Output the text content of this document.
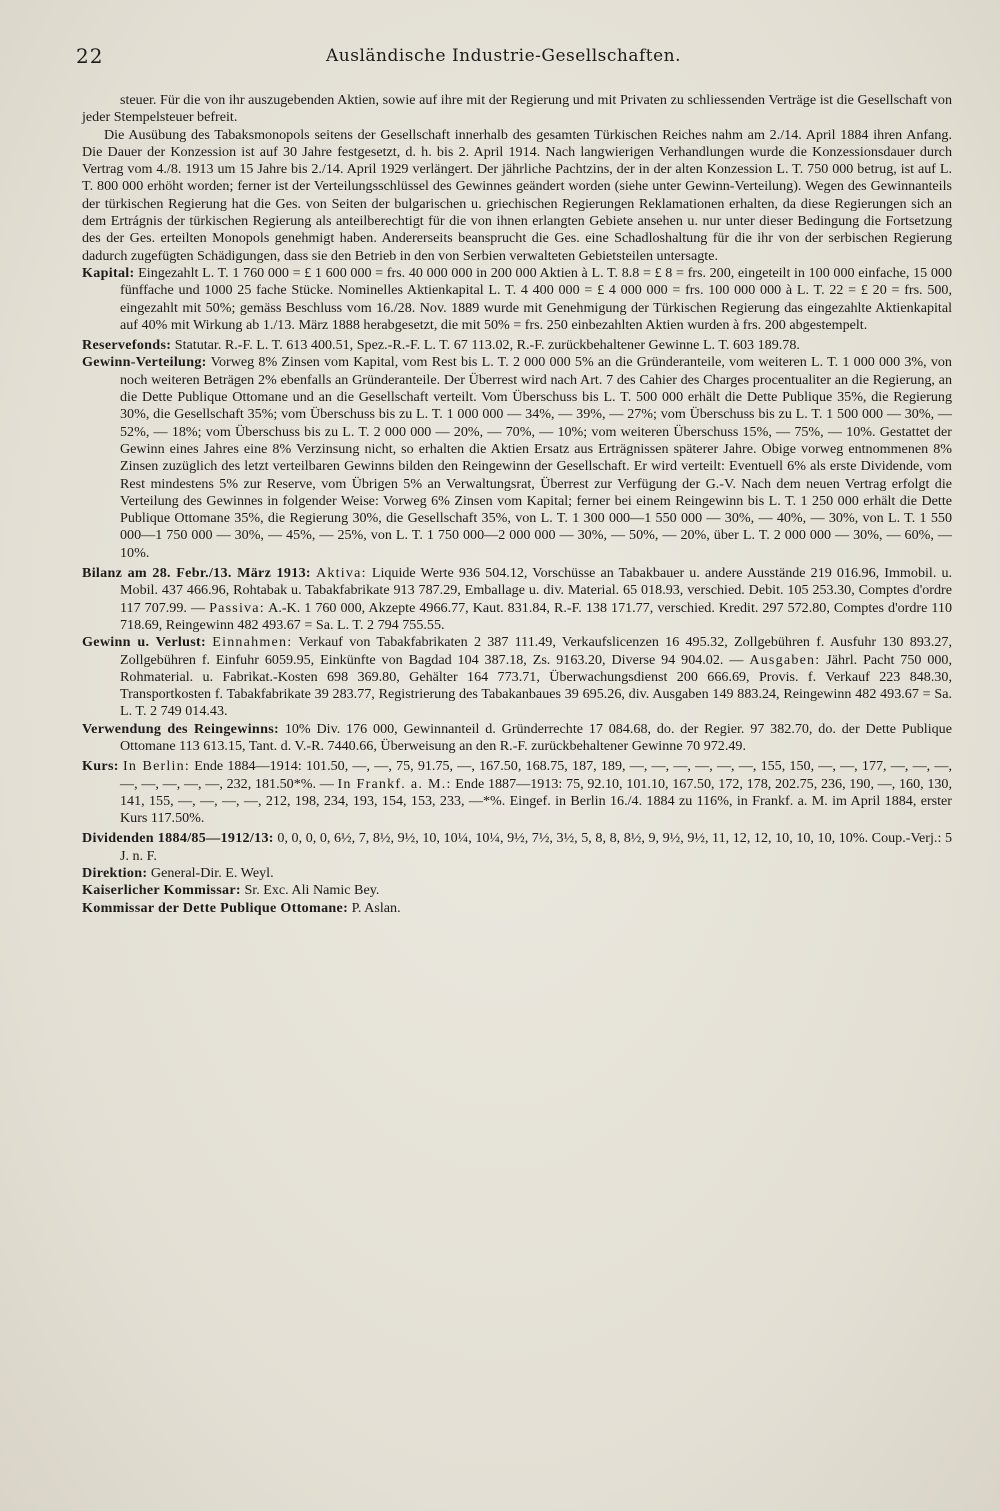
22	Ausländische Industrie-Gesellschaften.

steuer. Für die von ihr auszugebenden Aktien, sowie auf ihre mit der Regierung und mit Privaten zu schliessenden Verträge ist die Gesellschaft von jeder Stempelsteuer befreit.

Die Ausübung des Tabaksmonopols seitens der Gesellschaft innerhalb des gesamten Türkischen Reiches nahm am 2./14. April 1884 ihren Anfang. Die Dauer der Konzession ist auf 30 Jahre festgesetzt, d. h. bis 2. April 1914. Nach langwierigen Verhandlungen wurde die Konzessionsdauer durch Vertrag vom 4./8. 1913 um 15 Jahre bis 2./14. April 1929 verlängert. Der jährliche Pachtzins, der in der alten Konzession L. T. 750 000 betrug, ist auf L. T. 800 000 erhöht worden; ferner ist der Verteilungsschlüssel des Gewinnes geändert worden (siehe unter Gewinn-Verteilung). Wegen des Gewinnanteils der türkischen Regierung hat die Ges. von Seiten der bulgarischen u. griechischen Regierungen Reklamationen erhalten, da diese Regierungen sich an dem Ertrágnis der türkischen Regierung als anteilberechtigt für die von ihnen erlangten Gebiete ansehen u. nur unter dieser Bedingung die Fortsetzung des der Ges. erteilten Monopols genehmigt haben. Andererseits beansprucht die Ges. eine Schadloshaltung für die ihr von der serbischen Regierung dadurch zugefügten Schädigungen, dass sie den Betrieb in den von Serbien verwalteten Gebietsteilen untersagte.

Kapital: Eingezahlt L. T. 1 760 000 = £ 1 600 000 = frs. 40 000 000 in 200 000 Aktien à L. T. 8.8 = £ 8 = frs. 200, eingeteilt in 100 000 einfache, 15 000 fünffache und 1000 25 fache Stücke. Nominelles Aktienkapital L. T. 4 400 000 = £ 4 000 000 = frs. 100 000 000 à L. T. 22 = £ 20 = frs. 500, eingezahlt mit 50%; gemäss Beschluss vom 16./28. Nov. 1889 wurde mit Genehmigung der Türkischen Regierung das eingezahlte Aktienkapital auf 40% mit Wirkung ab 1./13. März 1888 herabgesetzt, die mit 50% = frs. 250 einbezahlten Aktien wurden à frs. 200 abgestempelt.

Reservefonds: Statutar. R.-F. L. T. 613 400.51, Spez.-R.-F. L. T. 67 113.02, R.-F. zurückbehaltener Gewinne L. T. 603 189.78.

Gewinn-Verteilung: Vorweg 8% Zinsen vom Kapital, vom Rest bis L. T. 2 000 000 5% an die Gründeranteile, vom weiteren L. T. 1 000 000 3%, von noch weiteren Beträgen 2% ebenfalls an Gründeranteile. Der Überrest wird nach Art. 7 des Cahier des Charges procentualiter an die Regierung, an die Dette Publique Ottomane und an die Gesellschaft verteilt. Vom Überschuss bis L. T. 500 000 erhält die Dette Publique 35%, die Regierung 30%, die Gesellschaft 35%; vom Überschuss bis zu L. T. 1 000 000 — 34%, — 39%, — 27%; vom Überschuss bis zu L. T. 1 500 000 — 30%, — 52%, — 18%; vom Überschuss bis zu L. T. 2 000 000 — 20%, — 70%, — 10%; vom weiteren Überschuss 15%, — 75%, — 10%. Gestattet der Gewinn eines Jahres eine 8% Verzinsung nicht, so erhalten die Aktien Ersatz aus Erträgnissen späterer Jahre. Obige vorweg entnommenen 8% Zinsen zuzüglich des letzt verteilbaren Gewinns bilden den Reingewinn der Gesellschaft. Er wird verteilt: Eventuell 6% als erste Dividende, vom Rest mindestens 5% zur Reserve, vom Übrigen 5% an Verwaltungsrat, Überrest zur Verfügung der G.-V. Nach dem neuen Vertrag erfolgt die Verteilung des Gewinnes in folgender Weise: Vorweg 6% Zinsen vom Kapital; ferner bei einem Reingewinn bis L. T. 1 250 000 erhält die Dette Publique Ottomane 35%, die Regierung 30%, die Gesellschaft 35%, von L. T. 1 300 000—1 550 000 — 30%, — 40%, — 30%, von L. T. 1 550 000—1 750 000 — 30%, — 45%, — 25%, von L. T. 1 750 000—2 000 000 — 30%, — 50%, — 20%, über L. T. 2 000 000 — 30%, — 60%, — 10%.

Bilanz am 28. Febr./13. März 1913: Aktiva: Liquide Werte 936 504.12, Vorschüsse an Tabakbauer u. andere Ausstände 219 016.96, Immobil. u. Mobil. 437 466.96, Rohtabak u. Tabakfabrikate 913 787.29, Emballage u. div. Material. 65 018.93, verschied. Debit. 105 253.30, Comptes d'ordre 117 707.99. — Passiva: A.-K. 1 760 000, Akzepte 4966.77, Kaut. 831.84, R.-F. 138 171.77, verschied. Kredit. 297 572.80, Comptes d'ordre 110 718.69, Reingewinn 482 493.67 = Sa. L. T. 2 794 755.55.

Gewinn u. Verlust: Einnahmen: Verkauf von Tabakfabrikaten 2 387 111.49, Verkaufslicenzen 16 495.32, Zollgebühren f. Ausfuhr 130 893.27, Zollgebühren f. Einfuhr 6059.95, Einkünfte von Bagdad 104 387.18, Zs. 9163.20, Diverse 94 904.02. — Ausgaben: Jährl. Pacht 750 000, Rohmaterial. u. Fabrikat.-Kosten 698 369.80, Gehälter 164 773.71, Überwachungsdienst 200 666.69, Provis. f. Verkauf 223 848.30, Transportkosten f. Tabakfabrikate 39 283.77, Registrierung des Tabakanbaues 39 695.26, div. Ausgaben 149 883.24, Reingewinn 482 493.67 = Sa. L. T. 2 749 014.43.

Verwendung des Reingewinns: 10% Div. 176 000, Gewinnanteil d. Gründerrechte 17 084.68, do. der Regier. 97 382.70, do. der Dette Publique Ottomane 113 613.15, Tant. d. V.-R. 7440.66, Überweisung an den R.-F. zurückbehaltener Gewinne 70 972.49.

Kurs: In Berlin: Ende 1884—1914: 101.50, —, —, 75, 91.75, —, 167.50, 168.75, 187, 189, —, —, —, —, —, —, 155, 150, —, —, 177, —, —, —, —, —, —, —, —, 232, 181.50*%. — In Frankf. a. M.: Ende 1887—1913: 75, 92.10, 101.10, 167.50, 172, 178, 202.75, 236, 190, —, 160, 130, 141, 155, —, —, —, —, 212, 198, 234, 193, 154, 153, 233, —*%. Eingef. in Berlin 16./4. 1884 zu 116%, in Frankf. a. M. im April 1884, erster Kurs 117.50%.

Dividenden 1884/85—1912/13: 0, 0, 0, 0, 6½, 7, 8½, 9½, 10, 10¼, 10¼, 9½, 7½, 3½, 5, 8, 8, 8½, 9, 9½, 9½, 11, 12, 12, 10, 10, 10, 10%. Coup.-Verj.: 5 J. n. F.

Direktion: General-Dir. E. Weyl.

Kaiserlicher Kommissar: Sr. Exc. Ali Namic Bey.

Kommissar der Dette Publique Ottomane: P. Aslan.
